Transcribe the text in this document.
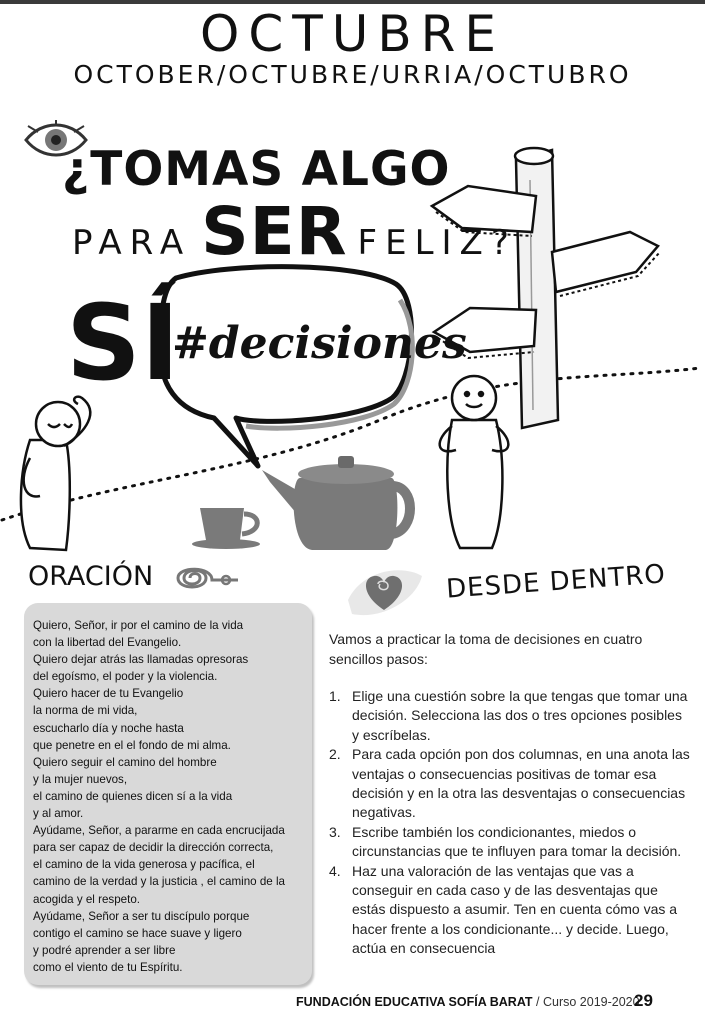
OCTUBRE
OCTOBER/OCTUBRE/URRIA/OCTUBRO
¿TOMAS ALGO
PARA SER FELIZ?
SÍ
#decisiones
ORACIÓN	DESDE DENTRO
Quiero, Señor, ir por el camino de la vida
con la libertad del Evangelio.
Quiero dejar atrás las llamadas opresoras
del egoísmo, el poder y la violencia.
Quiero hacer de tu Evangelio
la norma de mi vida,
escucharlo día y noche hasta
que penetre en el el fondo de mi alma.
Quiero seguir el camino del hombre
y la mujer nuevos,
el camino de quienes dicen sí a la vida
y al amor.
Ayúdame, Señor, a pararme en cada encrucijada
para ser capaz de decidir la dirección correcta,
el camino de la vida generosa y pacífica, el
camino de la verdad y la justicia , el camino de la
acogida y el respeto.
Ayúdame, Señor a ser tu discípulo porque
contigo el camino se hace suave y ligero
y podré aprender a ser libre
como el viento de tu Espíritu.
Vamos a practicar la toma de decisiones en cuatro sencillos pasos:
1. Elige una cuestión sobre la que tengas que tomar una decisión. Selecciona las dos o tres opciones posibles y escríbelas.
2. Para cada opción pon dos columnas, en una anota las ventajas o consecuencias positivas de tomar esa decisión y en la otra las desventajas o consecuencias negativas.
3. Escribe también los condicionantes, miedos o circunstancias que te influyen para tomar la decisión.
4. Haz una valoración de las ventajas que vas a conseguir en cada caso y de las desventajas que estás dispuesto a asumir. Ten en cuenta cómo vas a hacer frente a los condicionante... y decide. Luego, actúa en consecuencia
FUNDACIÓN EDUCATIVA SOFÍA BARAT / Curso 2019-2020
29
